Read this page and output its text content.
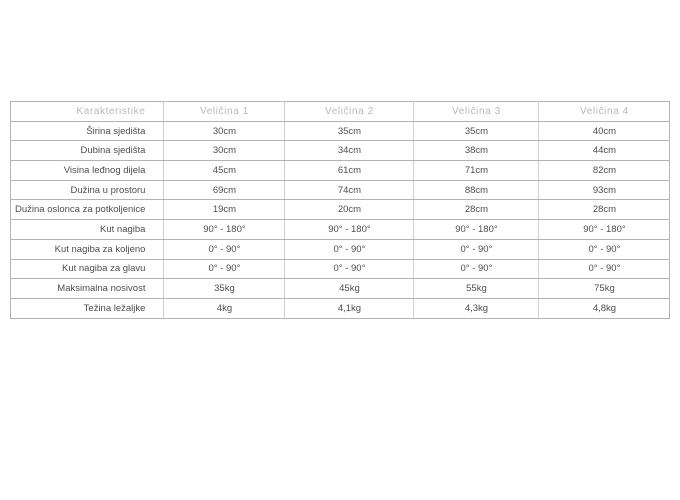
Karakteristike	Veličina 1	Veličina 2	Veličina 3	Veličina 4
Širina sjedišta	30cm	35cm	35cm	40cm
Dubina sjedišta	30cm	34cm	38cm	44cm
Visina leđnog dijela	45cm	61cm	71cm	82cm
Dužina u prostoru	69cm	74cm	88cm	93cm
Dužina oslonca za potkoljenice	19cm	20cm	28cm	28cm
Kut nagiba	90° - 180°	90° - 180°	90° - 180°	90° - 180°
Kut nagiba za koljeno	0° - 90°	0° - 90°	0° - 90°	0° - 90°
Kut nagiba za glavu	0° - 90°	0° - 90°	0° - 90°	0° - 90°
Maksimalna nosivost	35kg	45kg	55kg	75kg
Težina ležaljke	4kg	4,1kg	4,3kg	4,8kg
